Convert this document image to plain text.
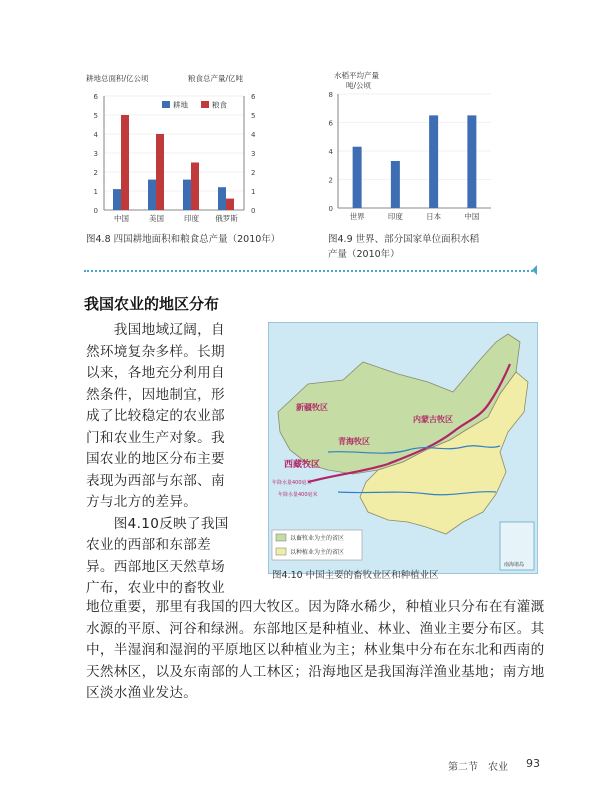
耕地总面积/亿公顷	粮食总产量/亿吨
0	0
1	1
2	2
3	3
4	4
5	5
6	6
中国	美国	印度 俄罗斯
耕地	粮食
图4.8 四国耕地面积和粮食总产量（2010年）
水稻平均产量
吨/公顷
0
2
4
6
8
世界	印度	日本	中国
图4.9 世界、部分国家单位面积水稻
产量（2010年）
我国农业的地区分布
　　我国地域辽阔，自
然环境复杂多样。长期
以来，各地充分利用自
然条件，因地制宜，形
成了比较稳定的农业部
门和农业生产对象。我
国农业的地区分布主要
表现为西部与东部、南
方与北方的差异。
　　图4.10反映了我国
农业的西部和东部差
异。西部地区天然草场
广布，农业中的畜牧业
南海诸岛
新疆牧区
内蒙古牧区
青海牧区
西藏牧区
年降水量400毫米
年降水量400毫米
以畜牧业为主的省区
以种植业为主的省区
图4.10 中国主要的畜牧业区和种植业区
地位重要，那里有我国的四大牧区。因为降水稀少，种植业只分布在有灌溉
水源的平原、河谷和绿洲。东部地区是种植业、林业、渔业主要分布区。其
中，半湿润和湿润的平原地区以种植业为主；林业集中分布在东北和西南的
天然林区，以及东南部的人工林区；沿海地区是我国海洋渔业基地；南方地
区淡水渔业发达。
第二节　农业 93
